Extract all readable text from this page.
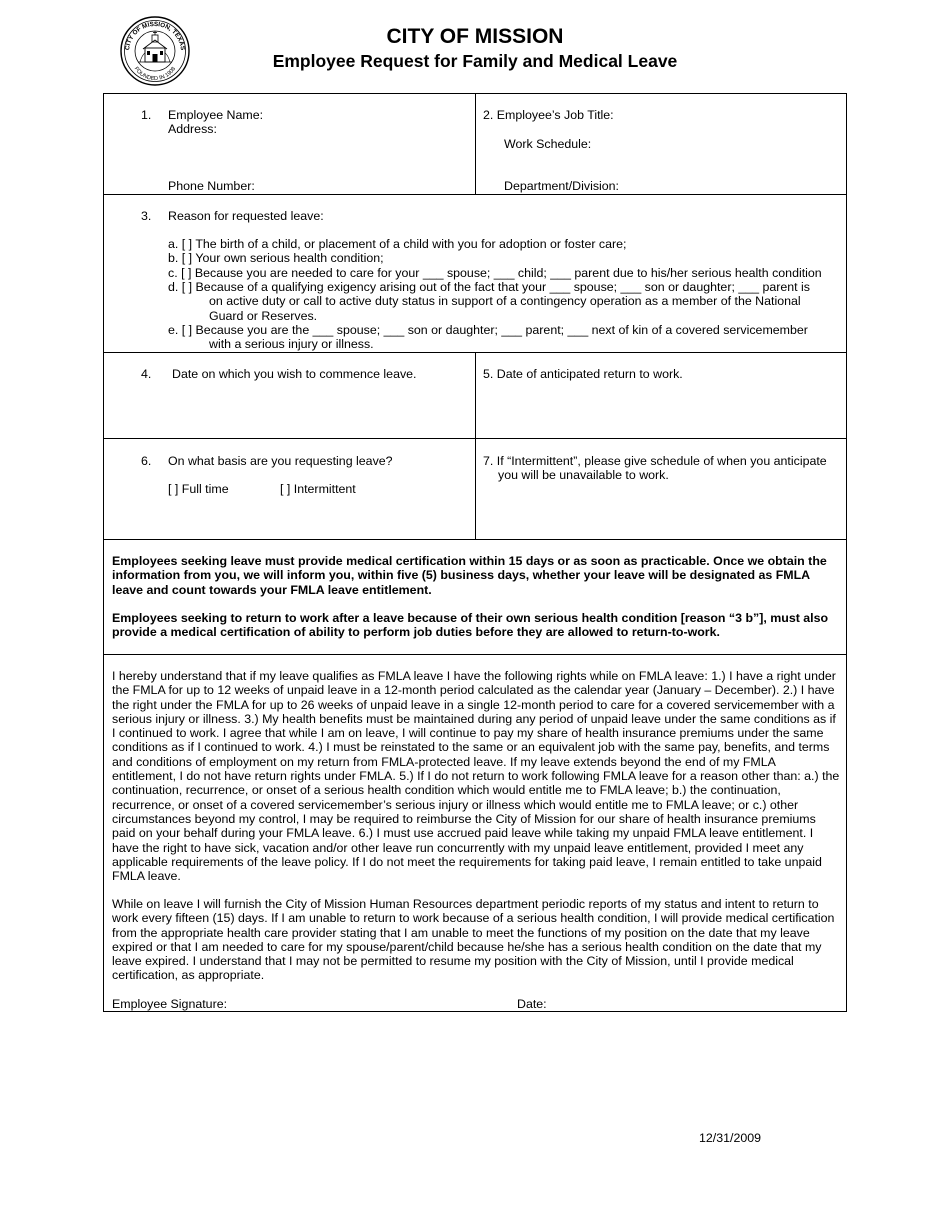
CITY OF MISSION, TEXAS
FOUNDED IN 1908
CITY OF MISSION
Employee Request for Family and Medical Leave
1. Employee Name:
Address:
Phone Number:
2. Employee’s Job Title:
Work Schedule:
Department/Division:
3. Reason for requested leave:
a. [ ] The birth of a child, or placement of a child with you for adoption or foster care;
b. [ ] Your own serious health condition;
c. [ ] Because you are needed to care for your ___ spouse; ___ child; ___ parent due to his/her serious health condition
d. [ ] Because of a qualifying exigency arising out of the fact that your ___ spouse; ___ son or daughter; ___ parent is
on active duty or call to active duty status in support of a contingency operation as a member of the National
Guard or Reserves.
e. [ ] Because you are the ___ spouse; ___ son or daughter; ___ parent; ___ next of kin of a covered servicemember
with a serious injury or illness.
4. Date on which you wish to commence leave.	5. Date of anticipated return to work.
6. On what basis are you requesting leave?
[ ] Full time	[ ] Intermittent
7. If “Intermittent”, please give schedule of when you anticipate
you will be unavailable to work.
Employees seeking leave must provide medical certification within 15 days or as soon as practicable. Once we obtain the information from you, we will inform you, within five (5) business days, whether your leave will be designated as FMLA leave and count towards your FMLA leave entitlement.
Employees seeking to return to work after a leave because of their own serious health condition [reason “3 b”], must also provide a medical certification of ability to perform job duties before they are allowed to return-to-work.
I hereby understand that if my leave qualifies as FMLA leave I have the following rights while on FMLA leave: 1.) I have a right under the FMLA for up to 12 weeks of unpaid leave in a 12-month period calculated as the calendar year (January – December). 2.) I have the right under the FMLA for up to 26 weeks of unpaid leave in a single 12-month period to care for a covered servicemember with a serious injury or illness. 3.) My health benefits must be maintained during any period of unpaid leave under the same conditions as if I continued to work. I agree that while I am on leave, I will continue to pay my share of health insurance premiums under the same conditions as if I continued to work. 4.) I must be reinstated to the same or an equivalent job with the same pay, benefits, and terms and conditions of employment on my return from FMLA-protected leave. If my leave extends beyond the end of my FMLA entitlement, I do not have return rights under FMLA. 5.) If I do not return to work following FMLA leave for a reason other than: a.) the continuation, recurrence, or onset of a serious health condition which would entitle me to FMLA leave; b.) the continuation, recurrence, or onset of a covered servicemember’s serious injury or illness which would entitle me to FMLA leave; or c.) other circumstances beyond my control, I may be required to reimburse the City of Mission for our share of health insurance premiums paid on your behalf during your FMLA leave. 6.) I must use accrued paid leave while taking my unpaid FMLA leave entitlement. I have the right to have sick, vacation and/or other leave run concurrently with my unpaid leave entitlement, provided I meet any applicable requirements of the leave policy. If I do not meet the requirements for taking paid leave, I remain entitled to take unpaid FMLA leave.
While on leave I will furnish the City of Mission Human Resources department periodic reports of my status and intent to return to work every fifteen (15) days. If I am unable to return to work because of a serious health condition, I will provide medical certification from the appropriate health care provider stating that I am unable to meet the functions of my position on the date that my leave expired or that I am needed to care for my spouse/parent/child because he/she has a serious health condition on the date that my leave expired. I understand that I may not be permitted to resume my position with the City of Mission, until I provide medical certification, as appropriate.
Employee Signature:	Date:
12/31/2009
